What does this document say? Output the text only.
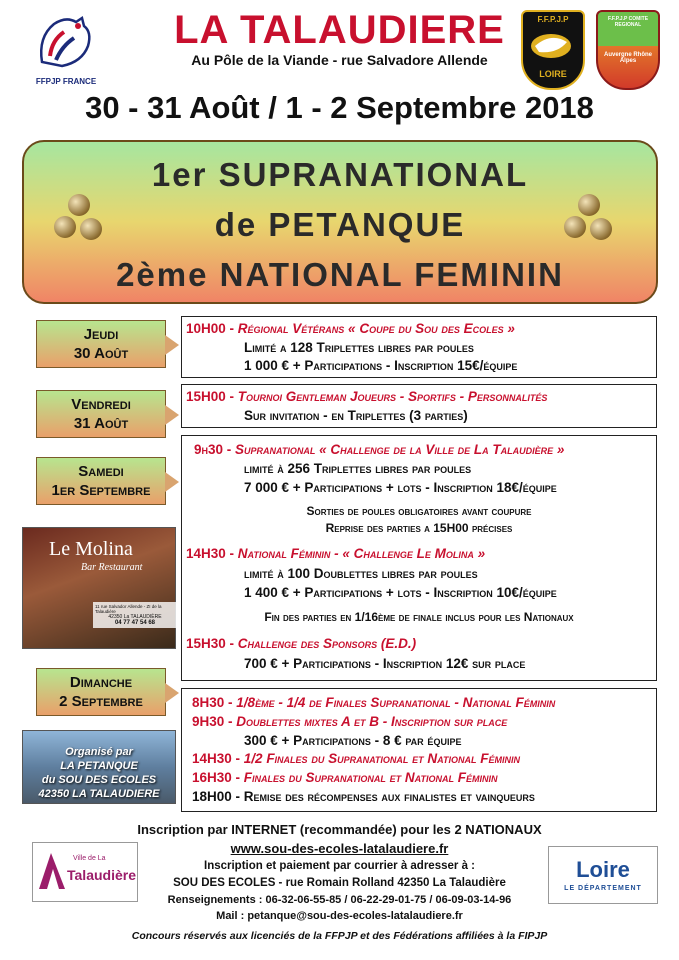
FFPJP FRANCE
LA TALAUDIERE
Au Pôle de la Viande - rue Salvadore Allende
F.F.P.J.P
LOIRE
F.F.P.J.P COMITE REGIONAL
Auvergne Rhône Alpes
30 - 31 Août / 1 - 2 Septembre 2018
1er SUPRANATIONAL
de PETANQUE
2ème NATIONAL FEMININ
Jeudi
30 Août
Vendredi
31 Août
Samedi
1er Septembre
Dimanche
2 Septembre
10H00 - Régional Vétérans « Coupe du Sou des Ecoles »
Limité a 128 Triplettes libres par poules
1 000 € + Participations - Inscription 15€/équipe
15H00 - Tournoi Gentleman Joueurs - Sportifs - Personnalités
Sur invitation - en Triplettes (3 parties)
9h30 - Supranational « Challenge de la Ville de La Talaudière »
limité à 256 Triplettes libres par poules
7 000 € + Participations + lots - Inscription 18€/équipe
Sorties de poules obligatoires avant coupure
Reprise des parties a 15H00 précises
14H30 - National Féminin - « Challenge Le Molina »
limité à 100 Doublettes libres par poules
1 400 € + Participations + lots - Inscription 10€/équipe
Fin des parties en 1/16ème de finale inclus pour les Nationaux
15H30 - Challenge des Sponsors (E.D.)
700 € + Participations - Inscription 12€ sur place
8H30 - 1/8ème - 1/4 de Finales Supranational - National Féminin
9H30 - Doublettes mixtes A et B - Inscription sur place
300 € + Participations - 8 € par équipe
14H30 - 1/2 Finales du Supranational et National Féminin
16H30 - Finales du Supranational et National Féminin
18H00 - Remise des récompenses aux finalistes et vainqueurs
Le Molina
Bar Restaurant
11 rue Salvador Allende - ZI de la Talaudière
42350 La TALAUDIÈRE
04 77 47 54 68
Organisé par
LA PETANQUE
du SOU DES ECOLES
42350 LA TALAUDIERE
Inscription par INTERNET (recommandée) pour les 2 NATIONAUX
www.sou-des-ecoles-latalaudiere.fr
Inscription et paiement par courrier à adresser à :
SOU DES ECOLES - rue Romain Rolland 42350 La Talaudière
Renseignements : 06-32-06-55-85 / 06-22-29-01-75 / 06-09-03-14-96
Mail : petanque@sou-des-ecoles-latalaudiere.fr
Concours réservés aux licenciés de la FFPJP et des Fédérations affiliées à la FIPJP
Ville de La
Talaudière	Loire
LE DÉPARTEMENT
